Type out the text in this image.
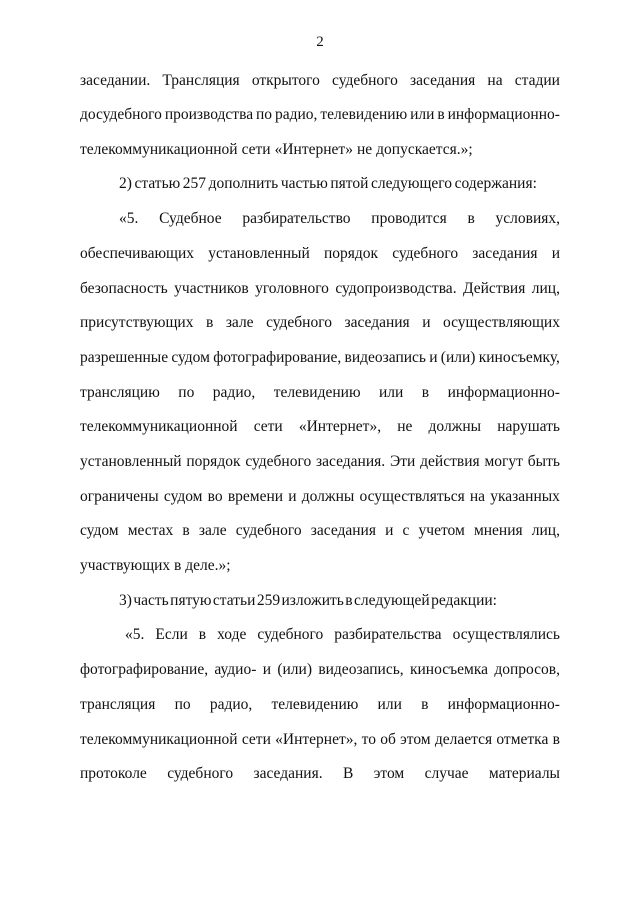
2
заседании. Трансляция открытого судебного заседания на стадии
досудебного производства по радио, телевидению или в информационно-
телекоммуникационной сети «Интернет» не допускается.»;
2) статью 257 дополнить частью пятой следующего содержания:
«5. Судебное разбирательство проводится в условиях,
обеспечивающих установленный порядок судебного заседания и
безопасность участников уголовного судопроизводства. Действия лиц,
присутствующих в зале судебного заседания и осуществляющих
разрешенные судом фотографирование, видеозапись и (или) киносъемку,
трансляцию по радио, телевидению или в информационно-
телекоммуникационной сети «Интернет», не должны нарушать
установленный порядок судебного заседания. Эти действия могут быть
ограничены судом во времени и должны осуществляться на указанных
судом местах в зале судебного заседания и с учетом мнения лиц,
участвующих в деле.»;
3) часть пятую статьи 259 изложить в следующей редакции:
«5. Если в ходе судебного разбирательства осуществлялись
фотографирование, аудио- и (или) видеозапись, киносъемка допросов,
трансляция по радио, телевидению или в информационно-
телекоммуникационной сети «Интернет», то об этом делается отметка в
протоколе судебного заседания. В этом случае материалы
